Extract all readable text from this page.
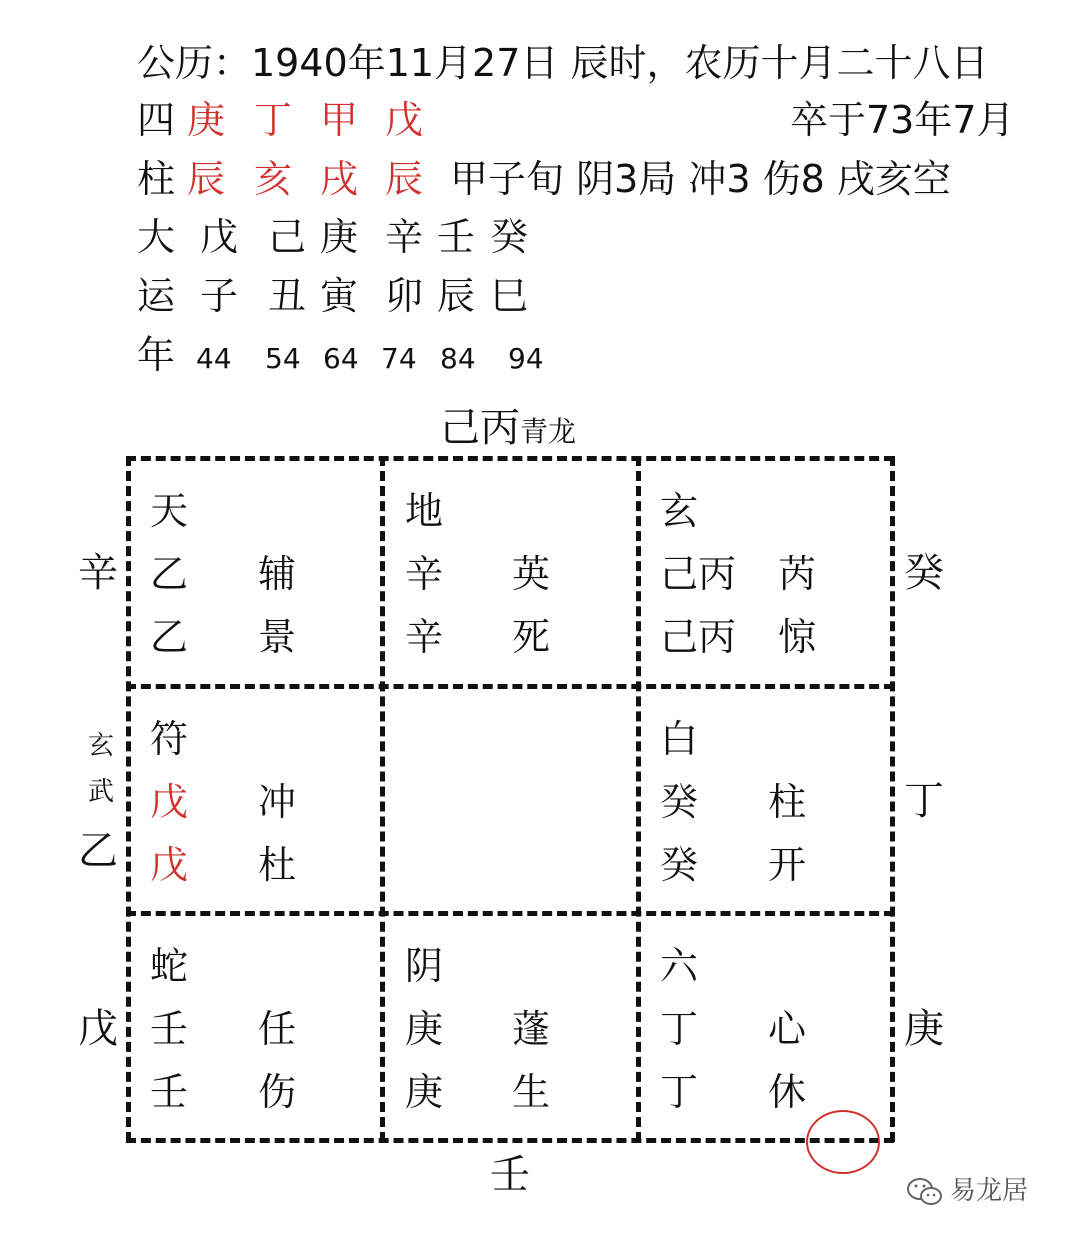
公历：1940年11月27日 辰时，农历十月二十八日
四 庚 丁 甲 戊	卒于73年7月
柱 辰 亥 戌 辰 甲子旬 阴3局 冲3 伤8 戌亥空
大 戊 己 庚 辛 壬 癸
运 子 丑 寅 卯 辰 巳
年 44 54 64 74 84 94
己丙青龙
天
乙 辅
乙 景
地
辛 英
辛 死
玄
己丙 芮
己丙 惊
符
戊 冲
戊 杜
白
癸 柱
癸 开
蛇
壬 任
壬 伤
阴
庚 蓬
庚 生
六
丁 心
丁 休
辛
玄
武
乙
戊
癸
丁
庚
壬	易龙居
